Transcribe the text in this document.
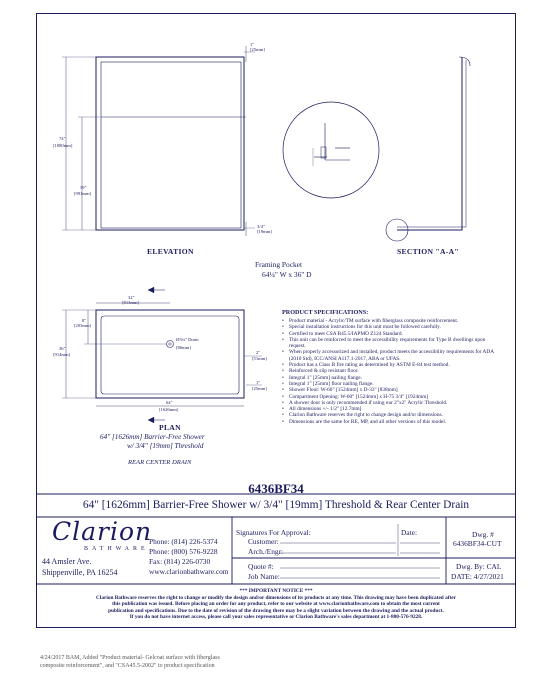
ELEVATION
1"
[25mm]
74"
[1880mm]
39"
[991mm]
3/4"
[19mm]
SECTION "A-A"
Framing Pocket
64¼" W x 36" D
32"
[813mm]
8"
[203mm]
36"
[914mm]	2"
[51mm]
1"
[25mm]
64"
[1626mm]
Ø3¼" Drain
[86mm]
PLAN
64" [1626mm] Barrier-Free Shower
w/ 3/4" [19mm] Threshold
REAR CENTER DRAIN
PRODUCT SPECIFICATIONS:
• Product material - Acrylic/TM surface with fiberglass composite reinforcement.
• Special installation instructions for this unit must be followed carefully.
• Certified to meet CSA B45.5/IAPMO Z124 Standard.
• This unit can be reinforced to meet the accessibility requirements for Type B dwellings upon request.
• When properly accessorized and installed, product meets the accessibility requirements for ADA (2010 Std), ICC/ANSI A117.1-2017, ABA or UFAS.
• Product has a Class B fire rating as determined by ASTM E-84 test method.
• Reinforced & slip resistant floor.
• Integral 1" [25mm] nailing flange.
• Integral 1" [25mm] floor nailing flange.
• Shower Floor: W-60" [1524mm] x D-33" [838mm]
• Compartment Opening: W-60" [1524mm] x H-75 3/4" [1924mm]
• A shower door is only recommended if using our 2"x2" Acrylic Threshold.
• All dimensions +/- 1/2" [12.7mm]
• Clarion Bathware reserves the right to change design and/or dimensions.
• Dimensions are the same for RE, MP, and all other versions of this model.
6436BF34
64" [1626mm] Barrier-Free Shower w/ 3/4" [19mm] Threshold & Rear Center Drain
Clarion
BATHWARE
44 Amsler Ave.
Shippenville, PA 16254
Phone: (814) 226-5374
Phone: (800) 576-9228
Fax: (814) 226-0730
www.clarionbathware.com
Signatures For Approval:	Date:
Customer:
Arch./Engr:
Quote #:
Job Name:
Dwg. #
6436BF34-CUT
Dwg. By: CAL
DATE: 4/27/2021
*** IMPORTANT NOTICE ***
Clarion Bathware reserves the right to change or modify the design and/or dimensions of its products at any time. This drawing may have been duplicated after
this publication was issued. Before placing an order for any product, refer to our website at www.clarionbathware.com to obtain the most current
publication and specifications. Due to the date of revision of the drawing there may be a slight variation between the drawing and the actual product.
If you do not have internet access, please call your sales representative or Clarion Bathware's sales department at 1-800-576-9228.
4/24/2017 BAM, Added "Product material- Gelcoat surface with fiberglass
composite reinforcement", and "CSA45.5-2002" to product specification
